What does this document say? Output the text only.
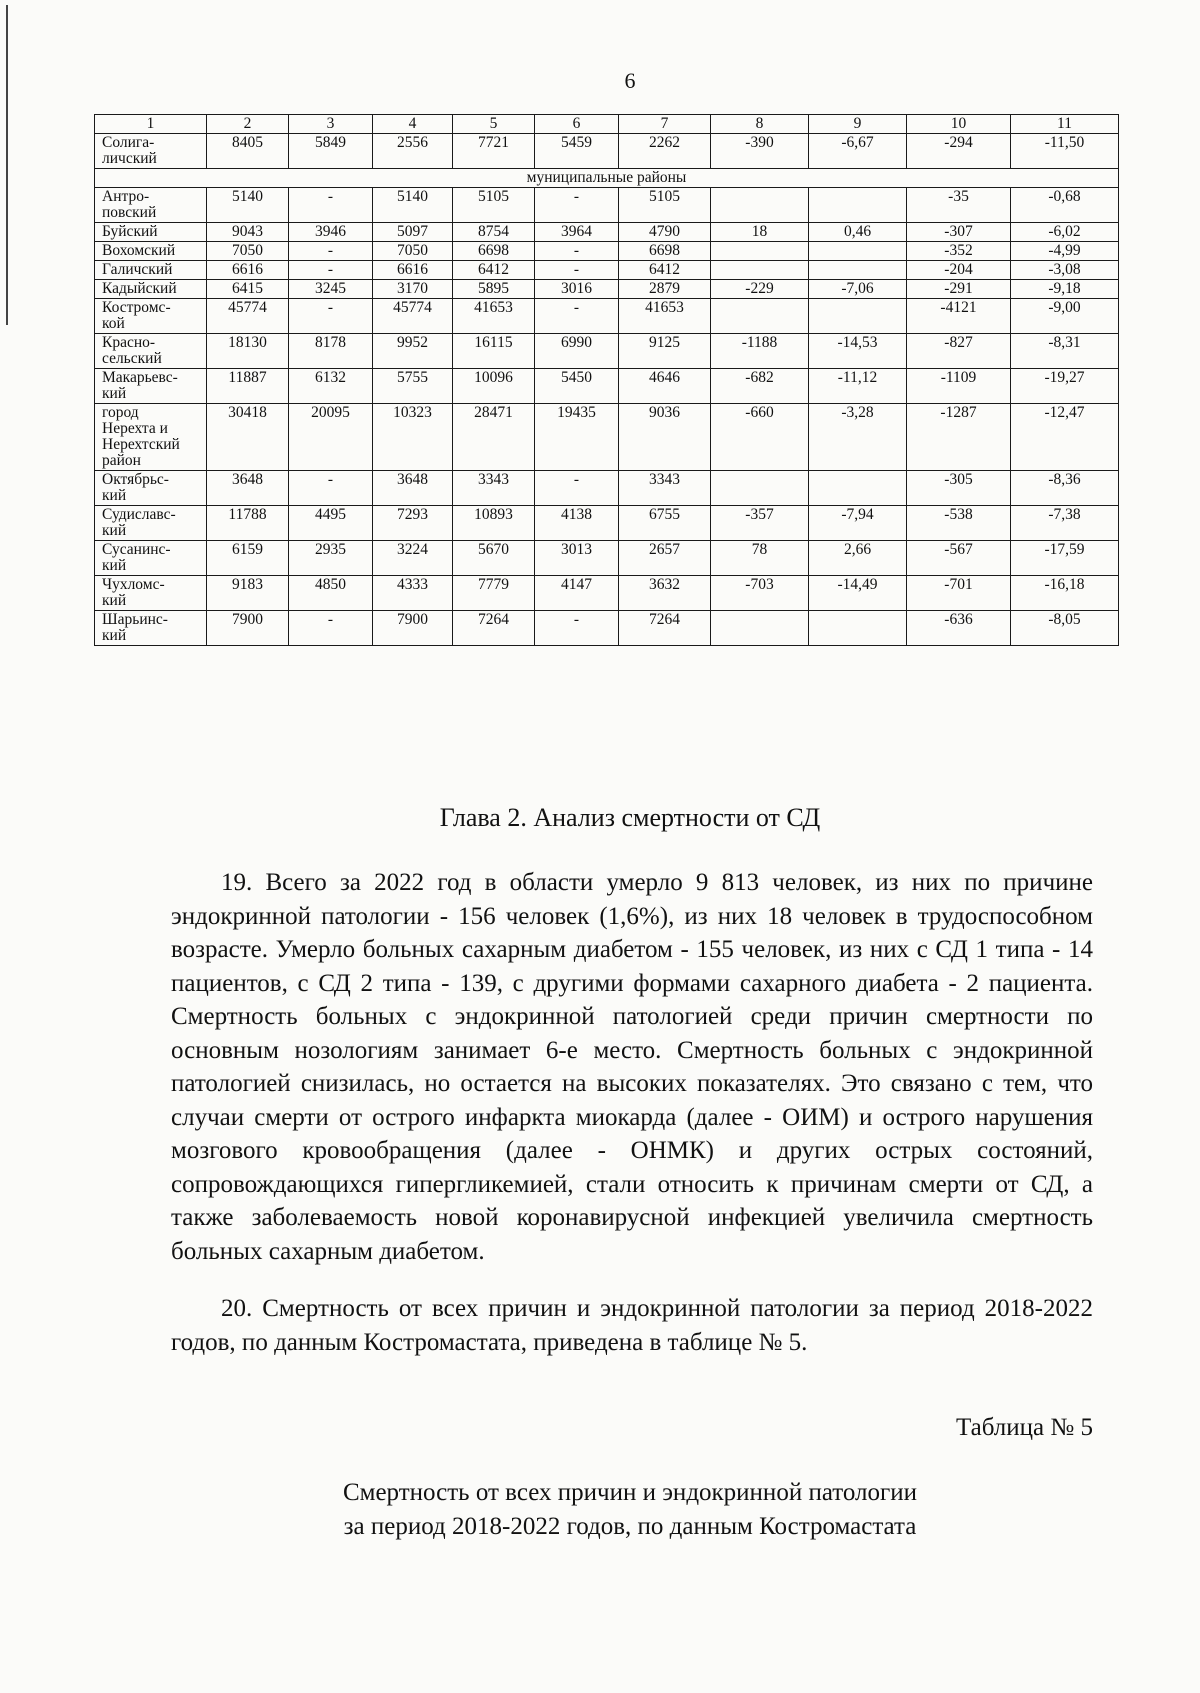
6
1	2	3	4	5	6	7	8	9	10	11
Солига-
личский	8405	5849	2556	7721	5459	2262	-390	-6,67	-294	-11,50
муниципальные районы										
Антро-
повский	5140	-	5140	5105	-	5105			-35	-0,68
Буйский	9043	3946	5097	8754	3964	4790	18	0,46	-307	-6,02
Вохомский	7050	-	7050	6698	-	6698			-352	-4,99
Галичский	6616	-	6616	6412	-	6412			-204	-3,08
Кадыйский	6415	3245	3170	5895	3016	2879	-229	-7,06	-291	-9,18
Костромс-
кой	45774	-	45774	41653	-	41653			-4121	-9,00
Красно-
сельский	18130	8178	9952	16115	6990	9125	-1188	-14,53	-827	-8,31
Макарьевс-
кий	11887	6132	5755	10096	5450	4646	-682	-11,12	-1109	-19,27
город
Нерехта и
Нерехтский
район	30418	20095	10323	28471	19435	9036	-660	-3,28	-1287	-12,47
Октябрьс-
кий	3648	-	3648	3343	-	3343			-305	-8,36
Судиславс-
кий	11788	4495	7293	10893	4138	6755	-357	-7,94	-538	-7,38
Сусанинс-
кий	6159	2935	3224	5670	3013	2657	78	2,66	-567	-17,59
Чухломс-
кий	9183	4850	4333	7779	4147	3632	-703	-14,49	-701	-16,18
Шарьинс-
кий	7900	-	7900	7264	-	7264			-636	-8,05
Глава 2. Анализ смертности от СД

19. Всего за 2022 год в области умерло 9 813 человек, из них по причине эндокринной патологии - 156 человек (1,6%), из них 18 человек в трудоспособном возрасте. Умерло больных сахарным диабетом - 155 человек, из них с СД 1 типа - 14 пациентов, с СД 2 типа - 139, с другими формами сахарного диабета - 2 пациента. Смертность больных с эндокринной патологией среди причин смертности по основным нозологиям занимает 6-е место. Смертность больных с эндокринной патологией снизилась, но остается на высоких показателях. Это связано с тем, что случаи смерти от острого инфаркта миокарда (далее - ОИМ) и острого нарушения мозгового кровообращения (далее - ОНМК) и других острых состояний, сопровождающихся гипергликемией, стали относить к причинам смерти от СД, а также заболеваемость новой коронавирусной инфекцией увеличила смертность больных сахарным диабетом.

20. Смертность от всех причин и эндокринной патологии за период 2018-2022 годов, по данным Костромастата, приведена в таблице № 5.

Таблица № 5
Смертность от всех причин и эндокринной патологии
за период 2018-2022 годов, по данным Костромастата
